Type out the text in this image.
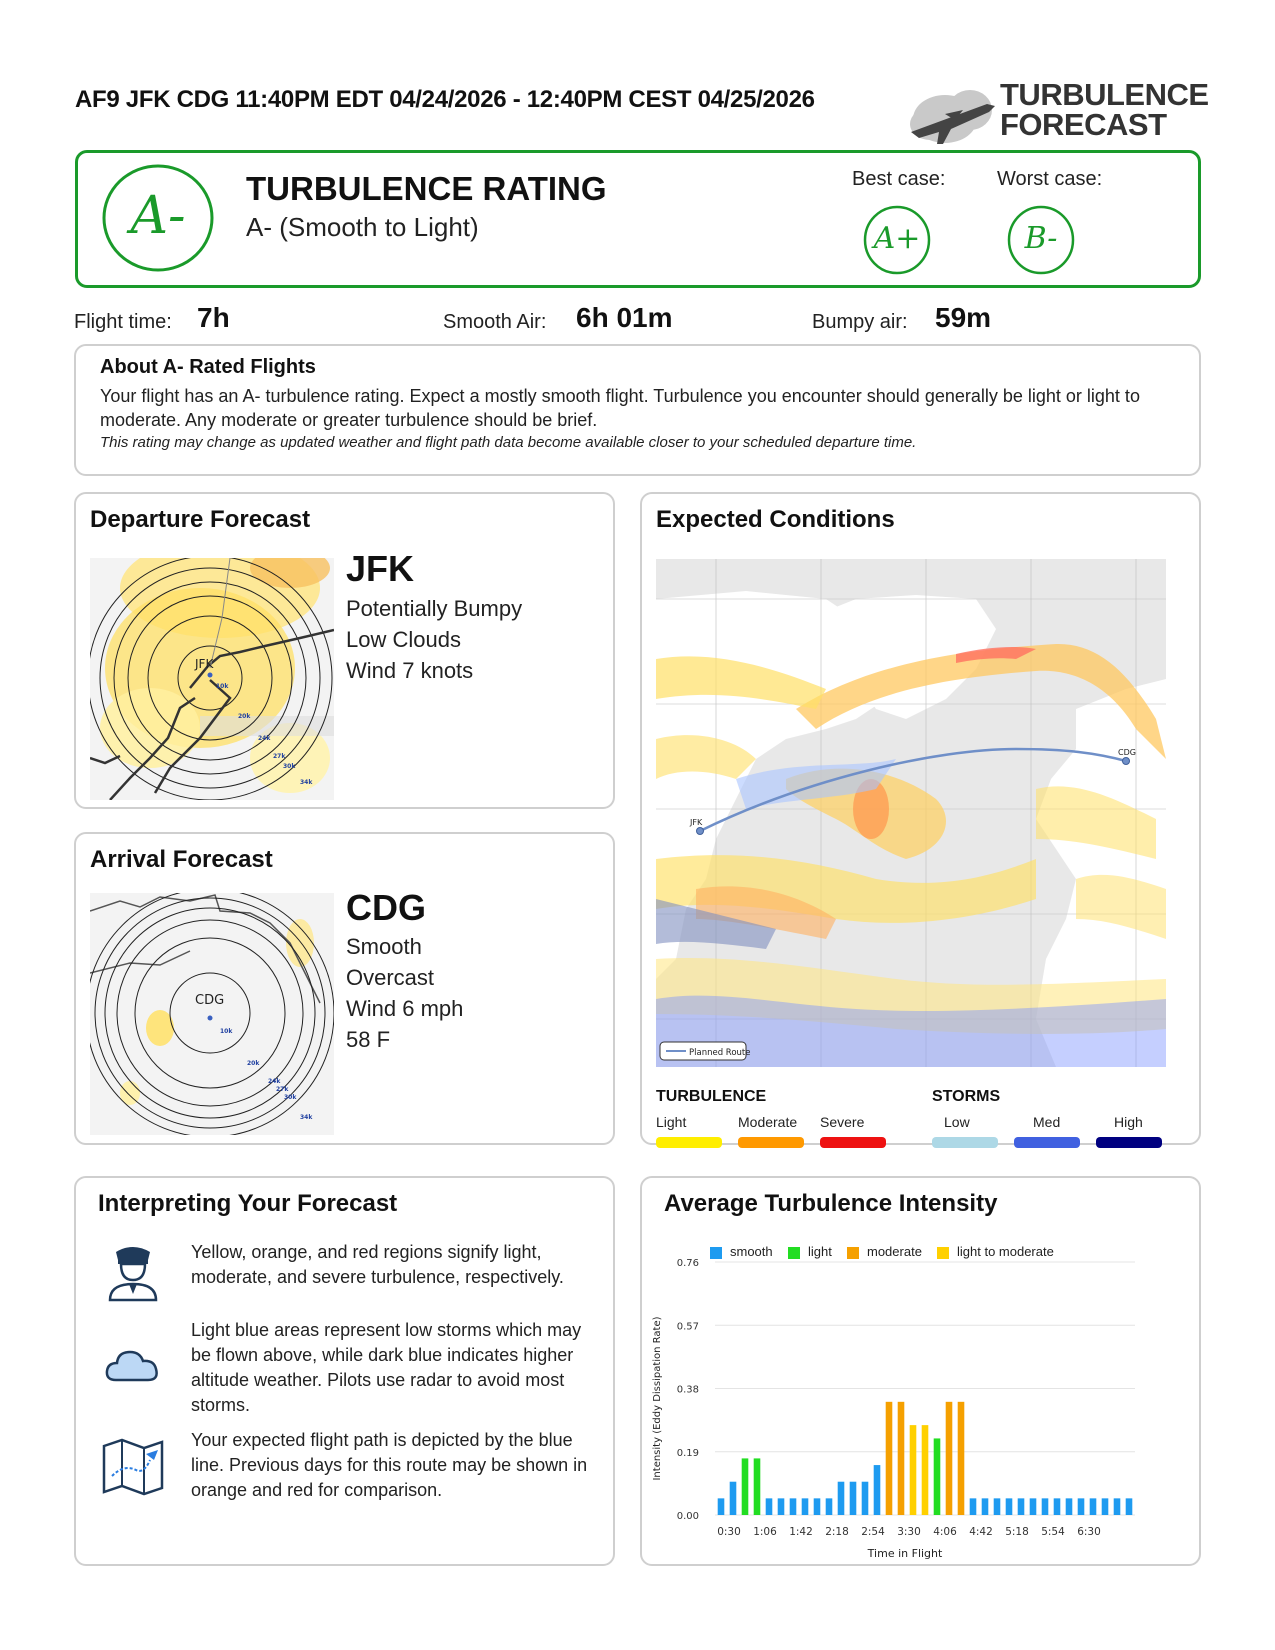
AF9 JFK CDG 11:40PM EDT 04/24/2026 - 12:40PM CEST 04/25/2026	TURBULENCE
FORECAST
A-	TURBULENCE RATING
A- (Smooth to Light)
Best case:	Worst case:
A+	B-
Flight time: 7h	Smooth Air: 6h 01m	Bumpy air: 59m
About A- Rated Flights
Your flight has an A- turbulence rating. Expect a mostly smooth flight. Turbulence you encounter should generally be light or light to moderate. Any moderate or greater turbulence should be brief.
This rating may change as updated weather and flight path data become available closer to your scheduled departure time.
Departure Forecast
JFK
10k
20k
24k
27k
30k
34k
JFK
Potentially Bumpy
Low Clouds
Wind 7 knots
Arrival Forecast
CDG
10k
20k
24k
27k
30k
34k
CDG
Smooth
Overcast
Wind 6 mph
58 F
Expected Conditions
JFK
CDG
Planned Route
TURBULENCE	STORMS
Light	Moderate Severe	Low	Med	High
Interpreting Your Forecast
Yellow, orange, and red regions signify light, moderate, and severe turbulence, respectively.
Light blue areas represent low storms which may be flown above, while dark blue indicates higher altitude weather. Pilots use radar to avoid most storms.
Your expected flight path is depicted by the blue line. Previous days for this route may be shown in orange and red for comparison.
Average Turbulence Intensity
smooth	light	moderate	light to moderate
0.00
0.19
0.38
0.57
0.76
0:30 1:06 1:42 2:18 2:54 3:30 4:06 4:42 5:18 5:54 6:30
Time in Flight
Intensity (Eddy Dissipation Rate)
